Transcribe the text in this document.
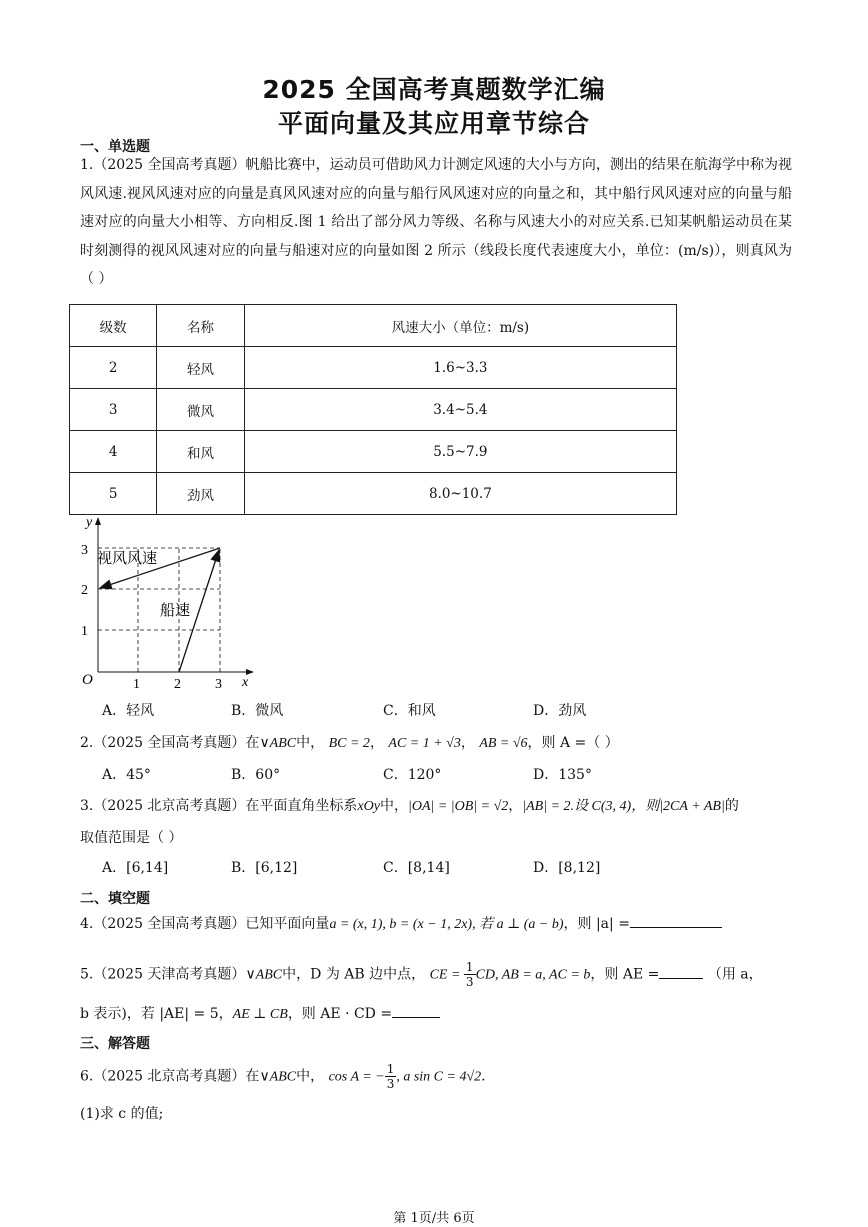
2025 全国高考真题数学汇编
平面向量及其应用章节综合
一、单选题
1.（2025 全国高考真题）帆船比赛中，运动员可借助风力计测定风速的大小与方向，测出的结果在航海学中称为视风风速.视风风速对应的向量是真风风速对应的向量与船行风风速对应的向量之和，其中船行风风速对应的向量与船速对应的向量大小相等、方向相反.图 1 给出了部分风力等级、名称与风速大小的对应关系.已知某帆船运动员在某时刻测得的视风风速对应的向量与船速对应的向量如图 2 所示（线段长度代表速度大小，单位：(m/s)），则真风为（ ）
级数	名称	风速大小（单位：m/s)
2	轻风	1.6~3.3
3	微风	3.4~5.4
4	和风	5.5~7.9
5	劲风	8.0~10.7
y
x
O	1 2 3
1
2
3 视风风速
船速
A．轻风	B．微风	C．和风	D．劲风
2.（2025 全国高考真题）在∨ABC中， BC = 2， AC = 1 + √3， AB = √6，则 A =（ ）
A．45°	B．60°	C．120°	D．135°
3.（2025 北京高考真题）在平面直角坐标系xOy中，|OA| = |OB| = √2，|AB| = 2.设 C(3, 4)，则|2CA + AB|的
取值范围是（ ）
A．[6,14]	B．[6,12]	C．[8,14]	D．[8,12]
二、填空题
4.（2025 全国高考真题）已知平面向量a = (x, 1), b = (x − 1, 2x), 若 a ⊥ (a − b)，则 |a| =
5.（2025 天津高考真题）∨ABC中，D 为 AB 边中点， CE = $\frac{1}{3}$ CD, AB = a, AC = b，则 AE =	（用 a，
b 表示)，若 |AE| = 5，AE ⊥ CB，则 AE · CD =
三、解答题
6.（2025 北京高考真题）在∨ABC中， cos A = − $\frac{1}{3}$ , a sin C = 4√2.
(1)求 c 的值;
第 1页/共 6页
